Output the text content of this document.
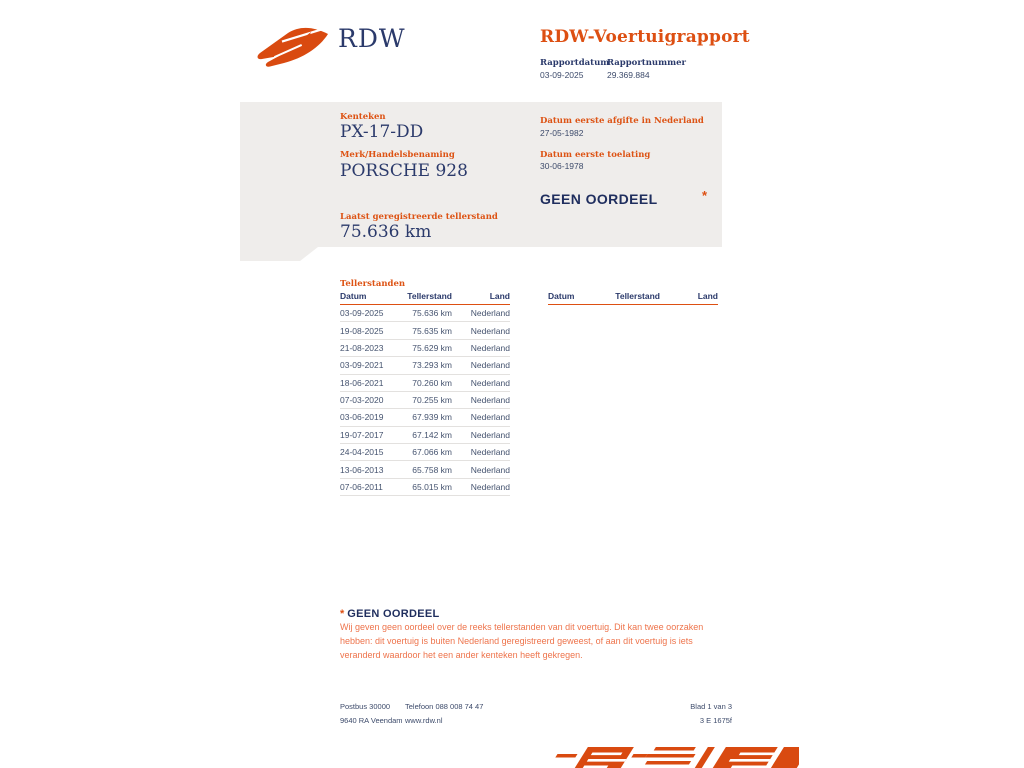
RDW	RDW-Voertuigrapport
Rapportdatum
Rapportnummer
03-09-2025	29.369.884
Kenteken
PX-17-DD
Merk/Handelsbenaming
PORSCHE 928
Laatst geregistreerde tellerstand
75.636 km
Datum eerste afgifte in Nederland
27-05-1982
Datum eerste toelating
30-06-1978
GEEN OORDEEL	*
Tellerstanden
Datum	Tellerstand	Land
03-09-2025	75.636 km	Nederland
19-08-2025	75.635 km	Nederland
21-08-2023	75.629 km	Nederland
03-09-2021	73.293 km	Nederland
18-06-2021	70.260 km	Nederland
07-03-2020	70.255 km	Nederland
03-06-2019	67.939 km	Nederland
19-07-2017	67.142 km	Nederland
24-04-2015	67.066 km	Nederland
13-06-2013	65.758 km	Nederland
07-06-2011	65.015 km	Nederland
Datum	Tellerstand	Land
* GEEN OORDEEL
Wij geven geen oordeel over de reeks tellerstanden van dit voertuig. Dit kan twee oorzaken hebben: dit voertuig is buiten Nederland geregistreerd geweest, of aan dit voertuig is iets veranderd waardoor het een ander kenteken heeft gekregen.
Postbus 30000
9640 RA Veendam
Telefoon 088 008 74 47
www.rdw.nl
Blad 1 van 3
3 E 1675f
